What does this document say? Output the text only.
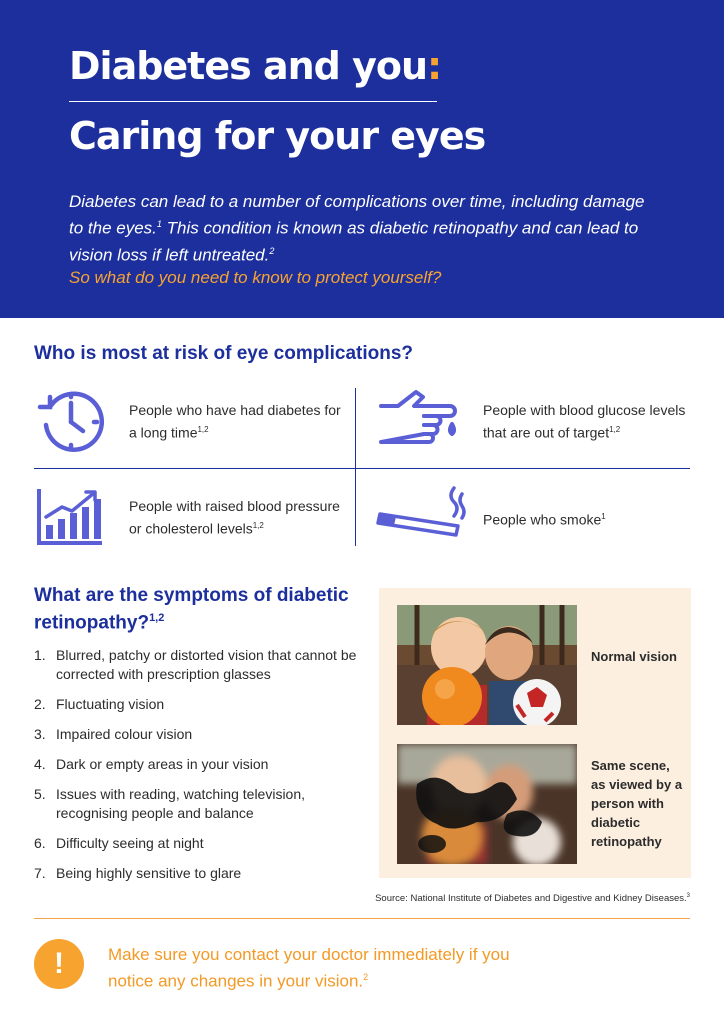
Diabetes and you:
Caring for your eyes

Diabetes can lead to a number of complications over time, including damage to the eyes.$^1$ This condition is known as diabetic retinopathy and can lead to vision loss if left untreated.$^2$

So what do you need to know to protect yourself?

Who is most at risk of eye complications?
People who have had diabetes for a long time$^{1,2}$
People with blood glucose levels that are out of target$^{1,2}$
People with raised blood pressure or cholesterol levels$^{1,2}$	People who smoke$^1$
What are the symptoms of diabetic retinopathy?$^{1,2}$
1. Blurred, patchy or distorted vision that cannot be corrected with prescription glasses
2. Fluctuating vision
3. Impaired colour vision
4. Dark or empty areas in your vision
5. Issues with reading, watching television, recognising people and balance
6. Difficulty seeing at night
7. Being highly sensitive to glare
Normal vision
Same scene, as viewed by a person with diabetic retinopathy
Source: National Institute of Diabetes and Digestive and Kidney Diseases.$^3$
!	Make sure you contact your doctor immediately if you notice any changes in your vision.$^2$
